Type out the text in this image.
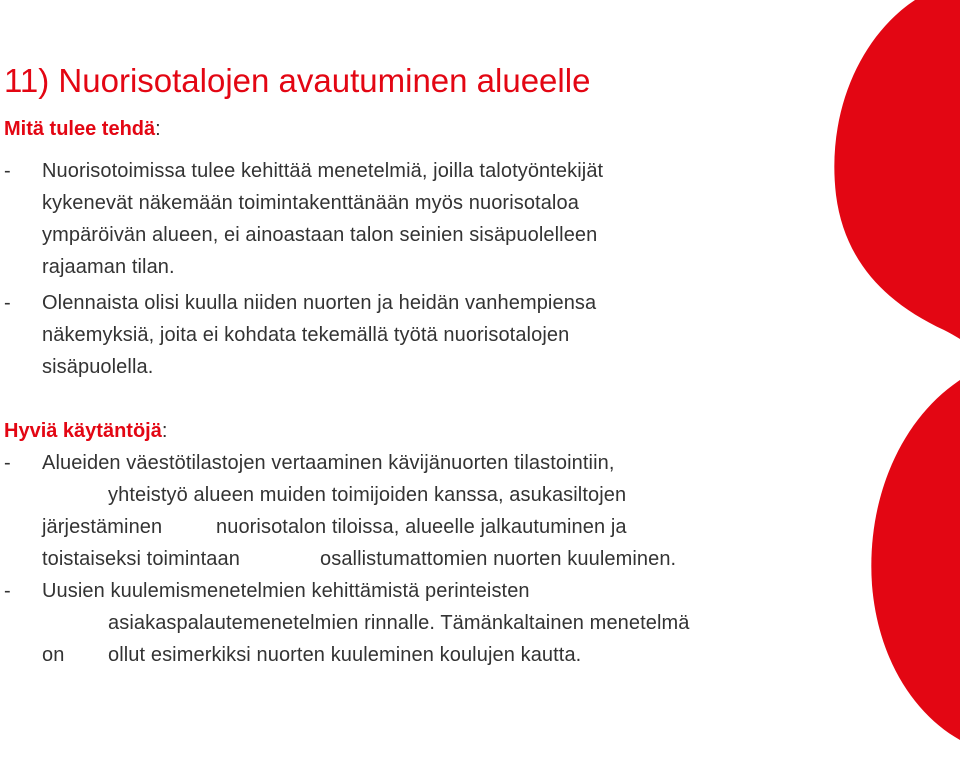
11) Nuorisotalojen avautuminen alueelle

Mitä tulee tehdä:

- Nuorisotoimissa tulee kehittää menetelmiä, joilla talotyöntekijät
kykenevät näkemään toimintakenttänään myös nuorisotaloa
ympäröivän alueen, ei ainoastaan talon seinien sisäpuolelleen
rajaaman tilan.
- Olennaista olisi kuulla niiden nuorten ja heidän vanhempiensa
näkemyksiä, joita ei kohdata tekemällä työtä nuorisotalojen
sisäpuolella.

Hyviä käytäntöjä:

- Alueiden väestötilastojen vertaaminen kävijänuorten tilastointiin,
yhteistyö alueen muiden toimijoiden kanssa, asukasiltojen
järjestäminen	nuorisotalon tiloissa, alueelle jalkautuminen ja
toistaiseksi toimintaan	osallistumattomien nuorten kuuleminen.
- Uusien kuulemismenetelmien kehittämistä perinteisten
asiakaspalautemenetelmien rinnalle. Tämänkaltainen menetelmä
on ollut esimerkiksi nuorten kuuleminen koulujen kautta.
